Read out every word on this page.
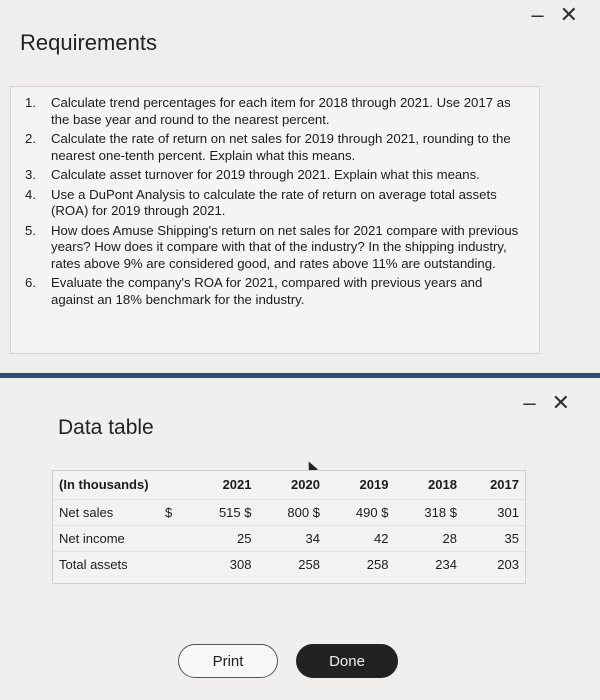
– ✕
Requirements
1.	Calculate trend percentages for each item for 2018 through 2021. Use 2017 as the base year and round to the nearest percent.
2.	Calculate the rate of return on net sales for 2019 through 2021, rounding to the nearest one-tenth percent. Explain what this means.
3.	Calculate asset turnover for 2019 through 2021. Explain what this means.
4.	Use a DuPont Analysis to calculate the rate of return on average total assets (ROA) for 2019 through 2021.
5.	How does Amuse Shipping's return on net sales for 2021 compare with previous years? How does it compare with that of the industry? In the shipping industry, rates above 9% are considered good, and rates above 11% are outstanding.
6.	Evaluate the company's ROA for 2021, compared with previous years and against an 18% benchmark for the industry.
– ✕
Data table
(In thousands)		2021	2020	2019	2018	2017
Net sales	$	515 $	800 $	490 $	318 $	301
Net income		25	34	42	28	35
Total assets		308	258	258	234	203
Print	Done
